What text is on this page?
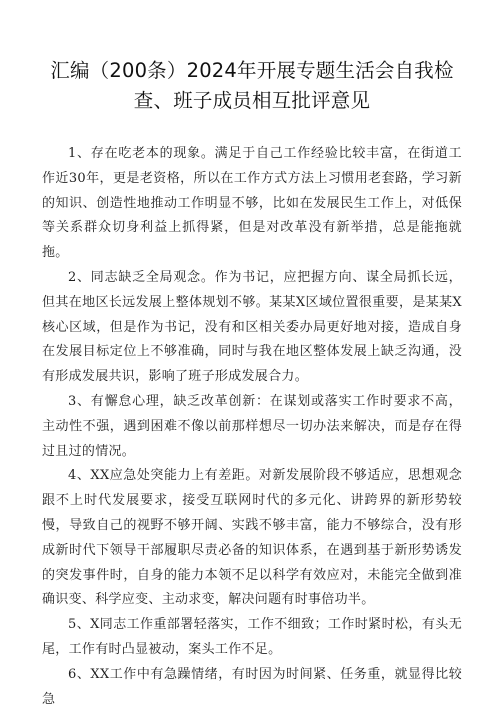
汇编（200条）2024年开展专题生活会自我检
查、班子成员相互批评意见

1、存在吃老本的现象。满足于自己工作经验比较丰富，在街道工作近30年，更是老资格，所以在工作方式方法上习惯用老套路，学习新的知识、创造性地推动工作明显不够，比如在发展民生工作上，对低保等关系群众切身利益上抓得紧，但是对改革没有新举措，总是能拖就拖。

2、同志缺乏全局观念。作为书记，应把握方向、谋全局抓长远，但其在地区长远发展上整体规划不够。某某X区域位置很重要，是某某X核心区域，但是作为书记，没有和区相关委办局更好地对接，造成自身在发展目标定位上不够准确，同时与我在地区整体发展上缺乏沟通，没有形成发展共识，影响了班子形成发展合力。

3、有懈怠心理，缺乏改革创新：在谋划或落实工作时要求不高，主动性不强，遇到困难不像以前那样想尽一切办法来解决，而是存在得过且过的情况。

4、XX应急处突能力上有差距。对新发展阶段不够适应，思想观念跟不上时代发展要求，接受互联网时代的多元化、讲跨界的新形势较慢，导致自己的视野不够开阔、实践不够丰富，能力不够综合，没有形成新时代下领导干部履职尽责必备的知识体系，在遇到基于新形势诱发的突发事件时，自身的能力本领不足以科学有效应对，未能完全做到准确识变、科学应变、主动求变，解决问题有时事倍功半。

5、X同志工作重部署轻落实，工作不细致；工作时紧时松，有头无尾，工作有时凸显被动，案头工作不足。

6、XX工作中有急躁情绪，有时因为时间紧、任务重，就显得比较急
